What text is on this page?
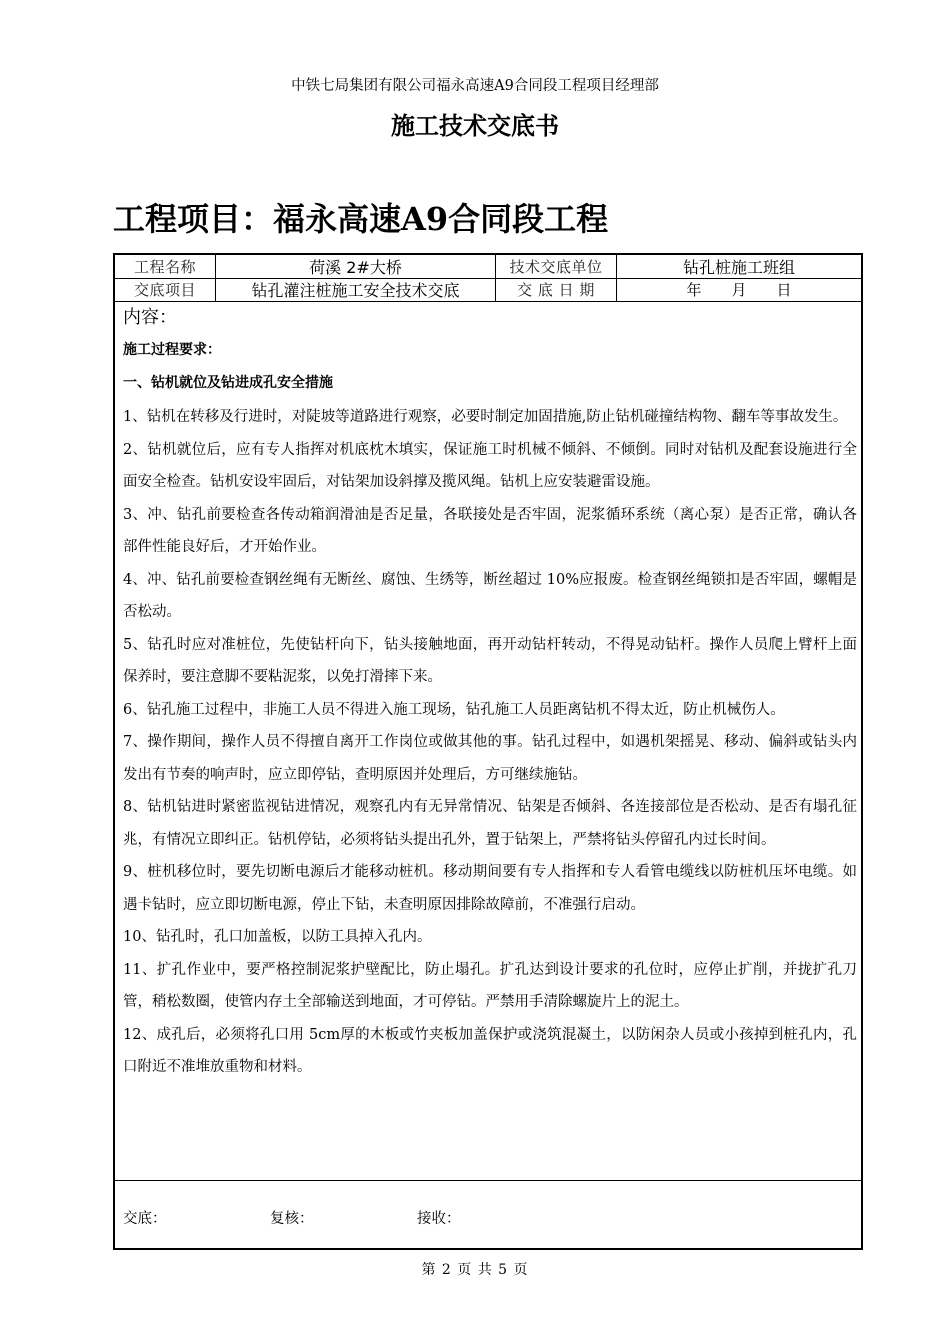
中铁七局集团有限公司福永高速A9合同段工程项目经理部
施工技术交底书
工程项目：福永高速A9合同段工程
工程名称	荷溪 2#大桥	技术交底单位	钻孔桩施工班组
交底项目	钻孔灌注桩施工安全技术交底	交 底 日 期	年　　月　　日
内容：
施工过程要求：
一、钻机就位及钻进成孔安全措施

1、钻机在转移及行进时，对陡坡等道路进行观察，必要时制定加固措施,防止钻机碰撞结构物、翻车等事故发生。

2、钻机就位后，应有专人指挥对机底枕木填实，保证施工时机械不倾斜、不倾倒。同时对钻机及配套设施进行全面安全检查。钻机安设牢固后，对钻架加设斜撑及揽风绳。钻机上应安装避雷设施。

3、冲、钻孔前要检查各传动箱润滑油是否足量，各联接处是否牢固，泥浆循环系统（离心泵）是否正常，确认各部件性能良好后，才开始作业。

4、冲、钻孔前要检查钢丝绳有无断丝、腐蚀、生绣等，断丝超过 10%应报废。检查钢丝绳锁扣是否牢固，螺帽是否松动。

5、钻孔时应对准桩位，先使钻杆向下，钻头接触地面，再开动钻杆转动，不得晃动钻杆。操作人员爬上臂杆上面保养时，要注意脚不要粘泥浆，以免打滑摔下来。

6、钻孔施工过程中，非施工人员不得进入施工现场，钻孔施工人员距离钻机不得太近，防止机械伤人。

7、操作期间，操作人员不得擅自离开工作岗位或做其他的事。钻孔过程中，如遇机架摇晃、移动、偏斜或钻头内发出有节奏的响声时，应立即停钻，查明原因并处理后，方可继续施钻。

8、钻机钻进时紧密监视钻进情况，观察孔内有无异常情况、钻架是否倾斜、各连接部位是否松动、是否有塌孔征兆，有情况立即纠正。钻机停钻，必须将钻头提出孔外，置于钻架上，严禁将钻头停留孔内过长时间。

9、桩机移位时，要先切断电源后才能移动桩机。移动期间要有专人指挥和专人看管电缆线以防桩机压坏电缆。如遇卡钻时，应立即切断电源，停止下钻，未查明原因排除故障前，不准强行启动。

10、钻孔时，孔口加盖板，以防工具掉入孔内。

11、扩孔作业中，要严格控制泥浆护壁配比，防止塌孔。扩孔达到设计要求的孔位时，应停止扩削，并拢扩孔刀管，稍松数圈，使管内存土全部输送到地面，才可停钻。严禁用手清除螺旋片上的泥土。

12、成孔后，必须将孔口用 5cm厚的木板或竹夹板加盖保护或浇筑混凝土，以防闲杂人员或小孩掉到桩孔内，孔口附近不准堆放重物和材料。

交底：	复核：	接收：
第 2 页 共 5 页
